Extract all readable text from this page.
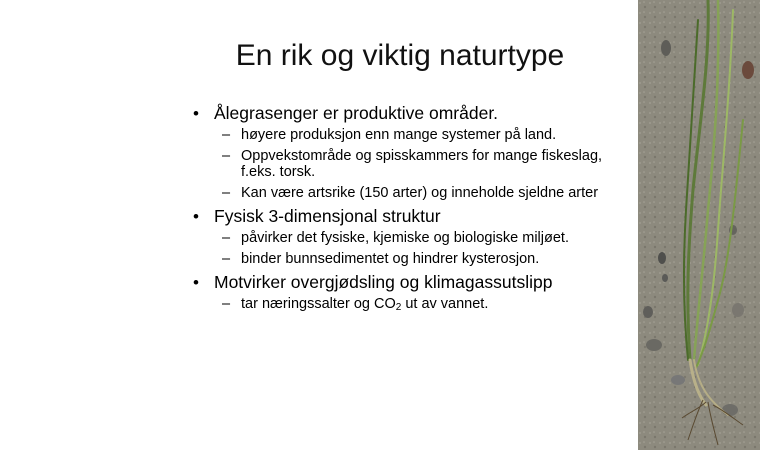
En rik og viktig naturtype
• Ålegrasenger er produktive områder.
– høyere produksjon enn mange systemer på land.
– Oppvekstområde og spisskammers for mange fiskeslag, f.eks. torsk.
– Kan være artsrike (150 arter) og inneholde sjeldne arter
• Fysisk 3-dimensjonal struktur
– påvirker det fysiske, kjemiske og biologiske miljøet.
– binder bunnsedimentet og hindrer kysterosjon.
• Motvirker overgjødsling og klimagassutslipp
– tar næringssalter og $CO_2$ ut av vannet.
